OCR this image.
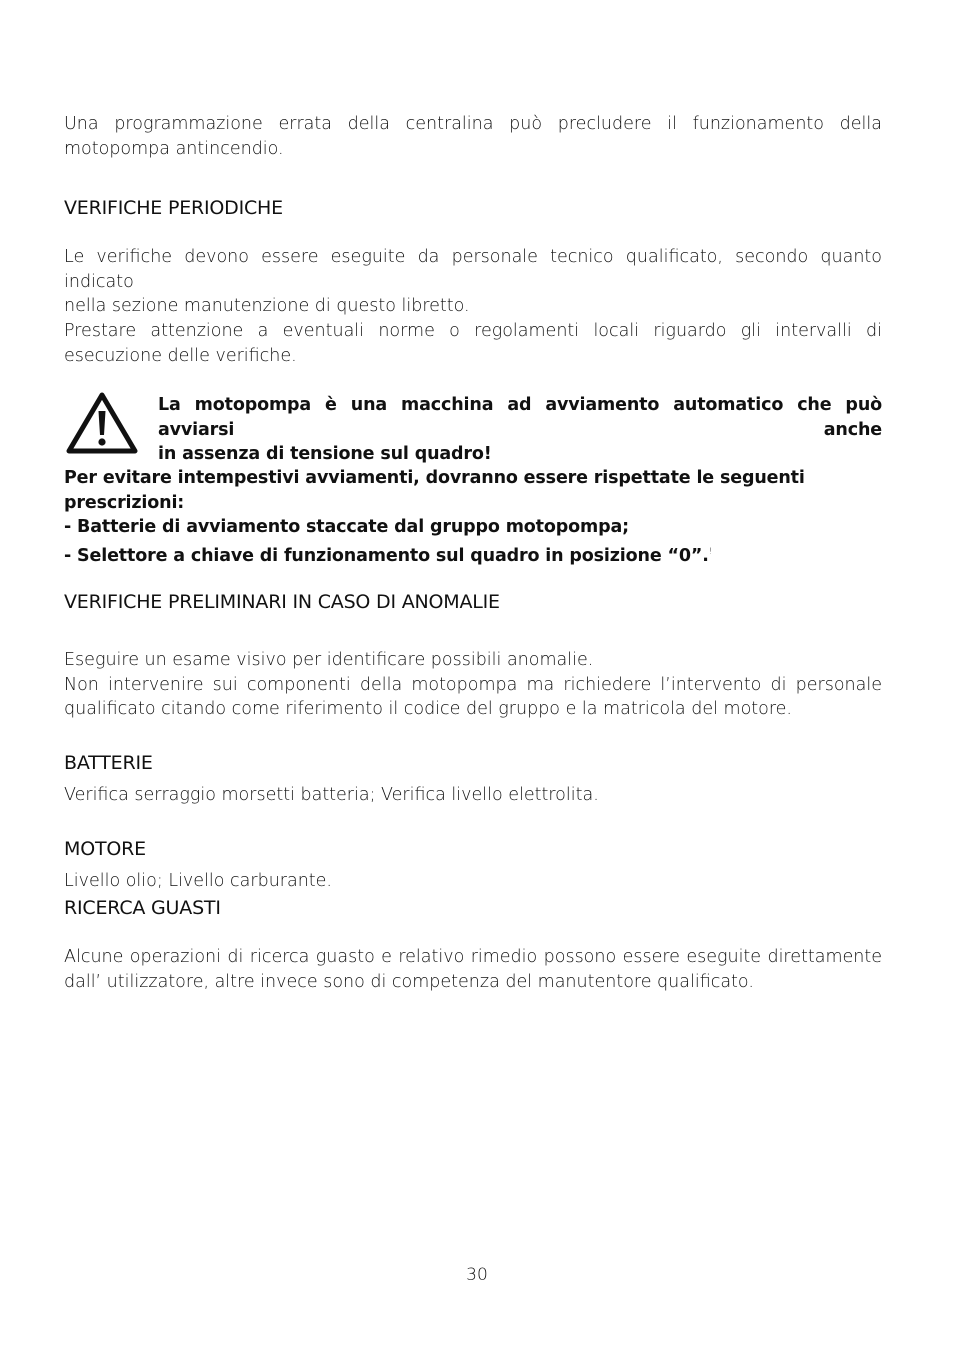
Una programmazione errata della centralina può precludere il funzionamento della
motopompa antincendio.
VERIFICHE PERIODICHE
Le verifiche devono essere eseguite da personale tecnico qualificato, secondo quanto indicato
nella sezione manutenzione di questo libretto.
Prestare attenzione a eventuali norme o regolamenti locali riguardo gli intervalli di
esecuzione delle verifiche.
La motopompa è una macchina ad avviamento automatico che può avviarsi anche
in assenza di tensione sul quadro!
Per evitare intempestivi avviamenti, dovranno essere rispettate le seguenti prescrizioni:
- Batterie di avviamento staccate dal gruppo motopompa;
- Selettore a chiave di funzionamento sul quadro in posizione “0”.!
VERIFICHE PRELIMINARI IN CASO DI ANOMALIE
Eseguire un esame visivo per identificare possibili anomalie.
Non intervenire sui componenti della motopompa ma richiedere l’intervento di personale
qualificato citando come riferimento il codice del gruppo e la matricola del motore.
BATTERIE
Verifica serraggio morsetti batteria; Verifica livello elettrolita.
MOTORE
Livello olio; Livello carburante.
RICERCA GUASTI
Alcune operazioni di ricerca guasto e relativo rimedio possono essere eseguite direttamente
dall’ utilizzatore, altre invece sono di competenza del manutentore qualificato.
30
